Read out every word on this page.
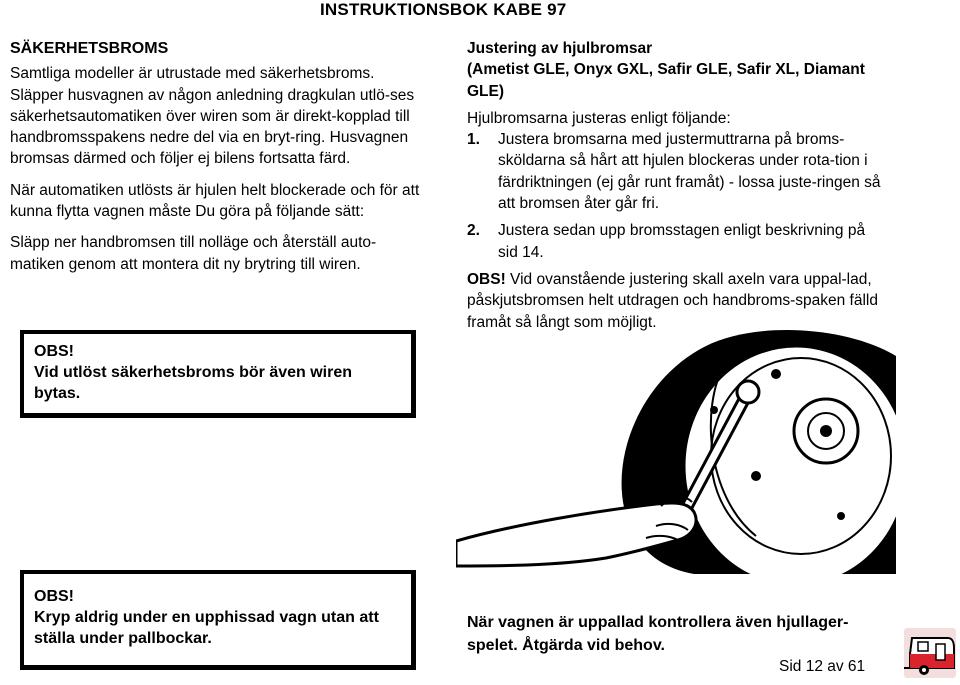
INSTRUKTIONSBOK KABE 97
SÄKERHETSBROMS

Samtliga modeller är utrustade med säkerhetsbroms. Släpper husvagnen av någon anledning dragkulan utlö-ses säkerhetsautomatiken över wiren som är direkt-kopplad till handbromsspakens nedre del via en bryt-ring. Husvagnen bromsas därmed och följer ej bilens fortsatta färd.

När automatiken utlösts är hjulen helt blockerade och för att kunna flytta vagnen måste Du göra på följande sätt:

Släpp ner handbromsen till nolläge och återställ auto-matiken genom att montera dit ny brytring till wiren.

Justering av hjulbromsar
(Ametist GLE, Onyx GXL, Safir GLE, Safir XL, Diamant GLE)

Hjulbromsarna justeras enligt följande:

1.	Justera bromsarna med justermuttrarna på broms-sköldarna så hårt att hjulen blockeras under rota-tion i färdriktningen (ej går runt framåt) - lossa juste-ringen så att bromsen åter går fri.
2.	Justera sedan upp bromsstagen enligt beskrivning på sid 14.

OBS! Vid ovanstående justering skall axeln vara uppal-lad, påskjutsbromsen helt utdragen och handbroms-spaken fälld framåt så långt som möjligt.

OBS!
Vid utlöst säkerhetsbroms bör även wiren bytas.
OBS!
Kryp aldrig under en upphissad vagn utan att ställa under pallbockar.
När vagnen är uppallad kontrollera även hjullager-spelet. Åtgärda vid behov.
Sid 12 av 61
